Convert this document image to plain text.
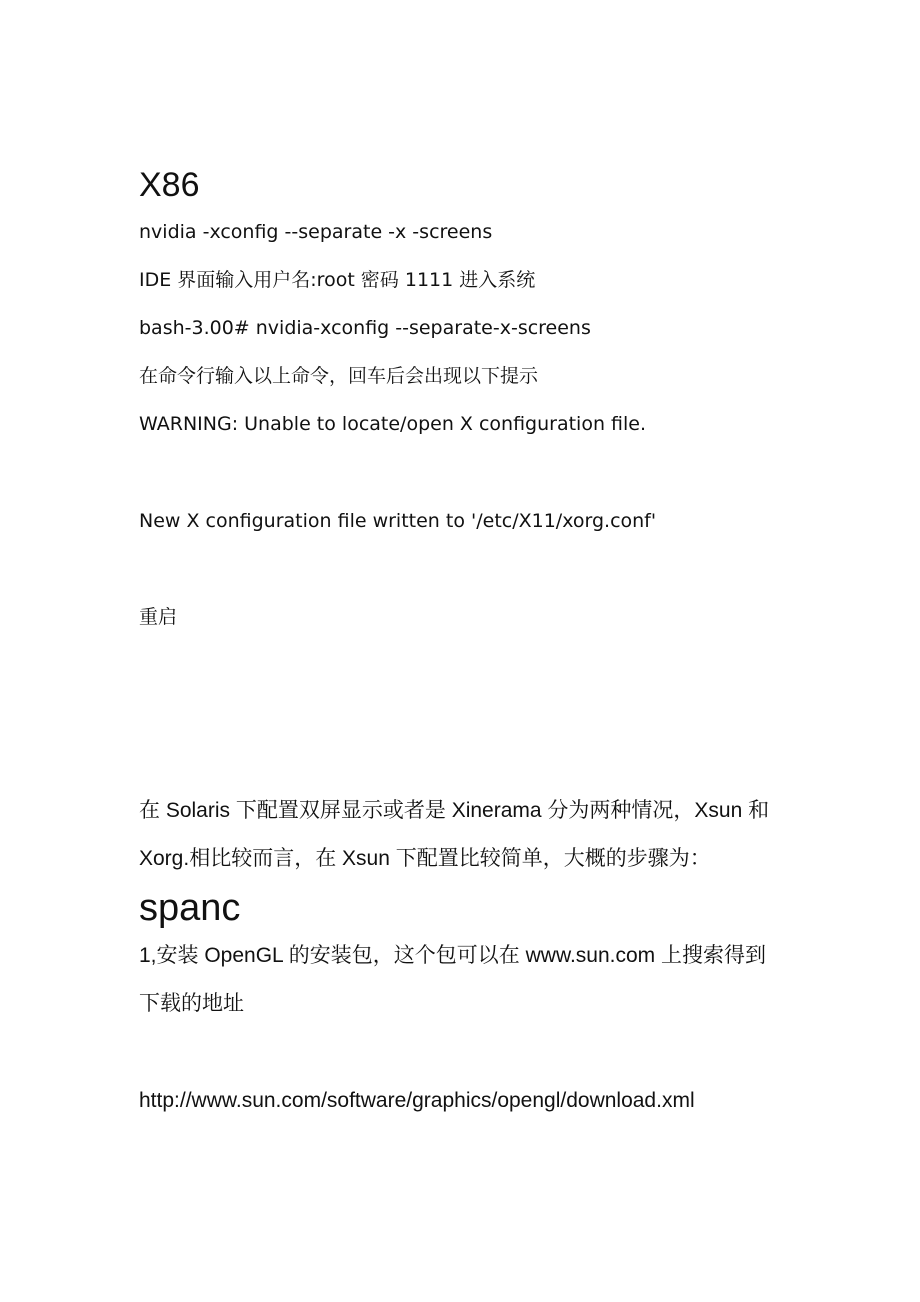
X86
nvidia -xconfig --separate -x -screens
IDE 界面输入用户名:root 密码 1111 进入系统
bash-3.00# nvidia-xconfig --separate-x-screens
在命令行输入以上命令，回车后会出现以下提示
WARNING: Unable to locate/open X configuration file.
New X configuration file written to '/etc/X11/xorg.conf'
重启
在 Solaris 下配置双屏显示或者是 Xinerama 分为两种情况，Xsun 和
Xorg.相比较而言，在 Xsun 下配置比较简单，大概的步骤为：
spanc
1,安装 OpenGL 的安装包，这个包可以在 www.sun.com 上搜索得到
下载的地址
http://www.sun.com/software/graphics/opengl/download.xml
